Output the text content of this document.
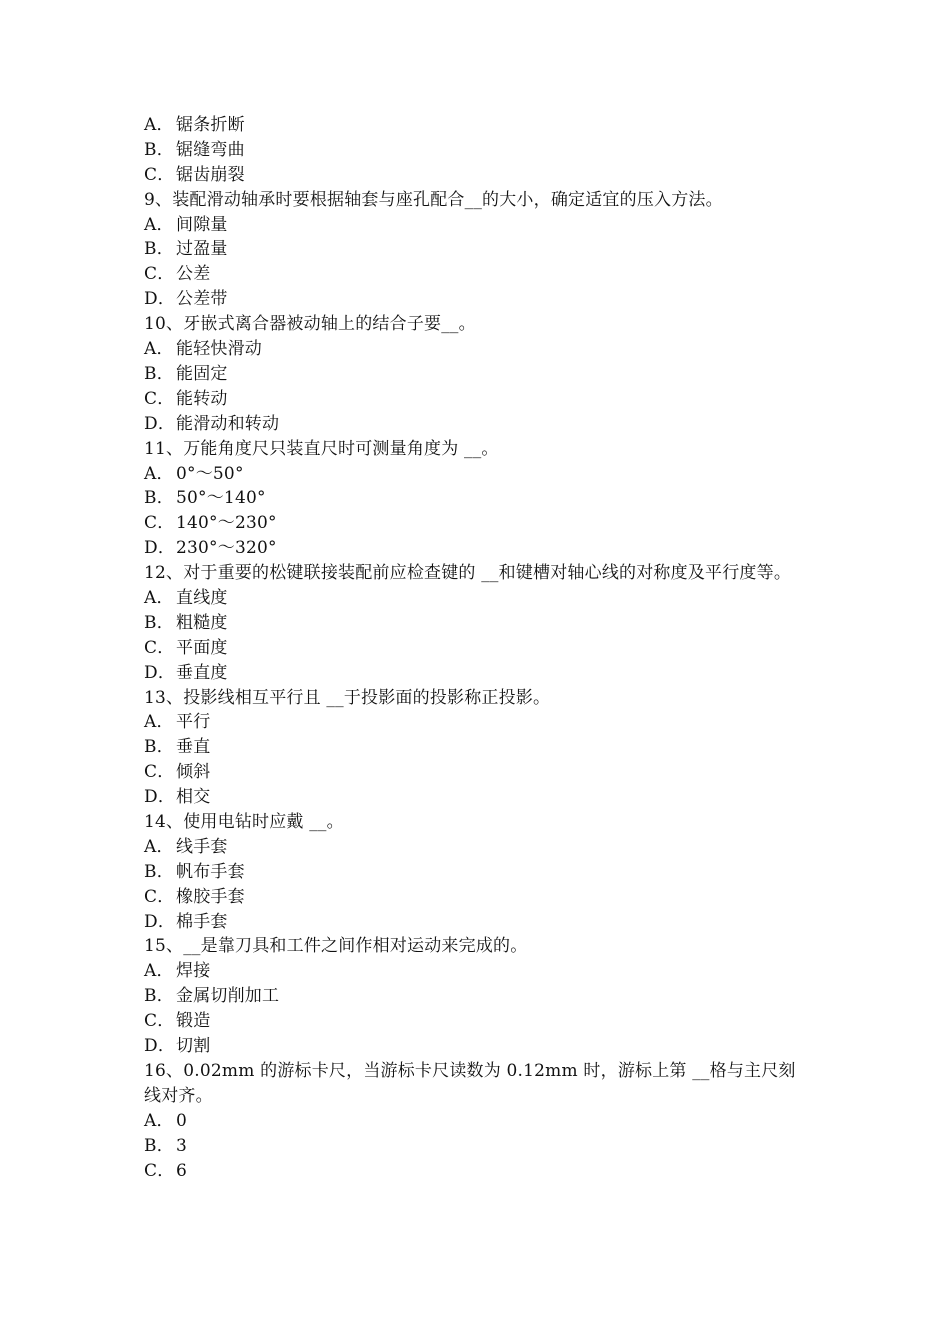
A． 锯条折断
B． 锯缝弯曲
C．锯齿崩裂
9、装配滑动轴承时要根据轴套与座孔配合__的大小，确定适宜的压入方法。
A． 间隙量
B． 过盈量
C．公差
D．公差带
10、牙嵌式离合器被动轴上的结合子要__。
A． 能轻快滑动
B． 能固定
C．能转动
D．能滑动和转动
11、万能角度尺只装直尺时可测量角度为 __。
A． 0°～50°
B． 50°～140°
C．140°～230°
D．230°～320°
12、对于重要的松键联接装配前应检查键的 __和键槽对轴心线的对称度及平行度等。
A． 直线度
B． 粗糙度
C．平面度
D．垂直度
13、投影线相互平行且 __于投影面的投影称正投影。
A． 平行
B． 垂直
C．倾斜
D．相交
14、使用电钻时应戴 __。
A． 线手套
B． 帆布手套
C．橡胶手套
D．棉手套
15、__是靠刀具和工件之间作相对运动来完成的。
A． 焊接
B． 金属切削加工
C．锻造
D．切割
16、0.02mm 的游标卡尺，当游标卡尺读数为 0.12mm 时，游标上第 __格与主尺刻线对齐。
A． 0
B． 3
C．6
